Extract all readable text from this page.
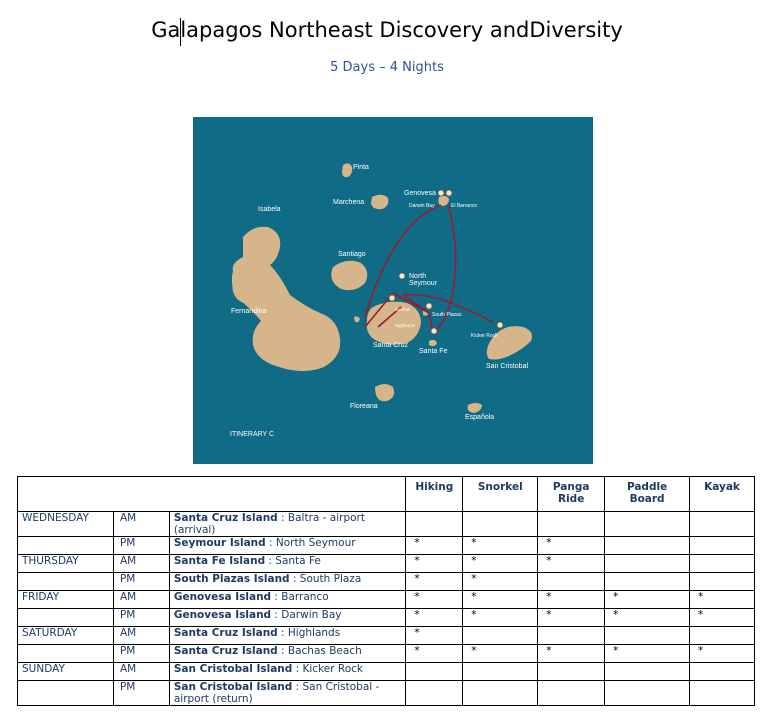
Galapagos Northeast Discovery andDiversity
5 Days – 4 Nights
Pinta
Marchena
Genovesa
Darwin Bay	El Barranco
Isabela
Santiago
North
Seymour
Bachas
Highlands
South Plazas
Kicker Rock
Fernandina
Santa Cruz
Santa Fe
San Cristobal
Floreana
Española
ITINERARY C
			Hiking	Snorkel	Panga Ride	Paddle Board	Kayak
WEDNESDAY	AM	Santa Cruz Island : Baltra - airport (arrival)					
	PM	Seymour Island : North Seymour	*	*	*		
THURSDAY	AM	Santa Fe Island : Santa Fe	*	*	*		
	PM	South Plazas Island : South Plaza	*	*			
FRIDAY	AM	Genovesa Island : Barranco	*	*	*	*	*
	PM	Genovesa Island : Darwin Bay	*	*	*	*	*
SATURDAY	AM	Santa Cruz Island : Highlands	*				
	PM	Santa Cruz Island : Bachas Beach	*	*	*	*	*
SUNDAY	AM	San Cristobal Island : Kicker Rock					
	PM	San Cristobal Island : San Cristobal - airport (return)					
